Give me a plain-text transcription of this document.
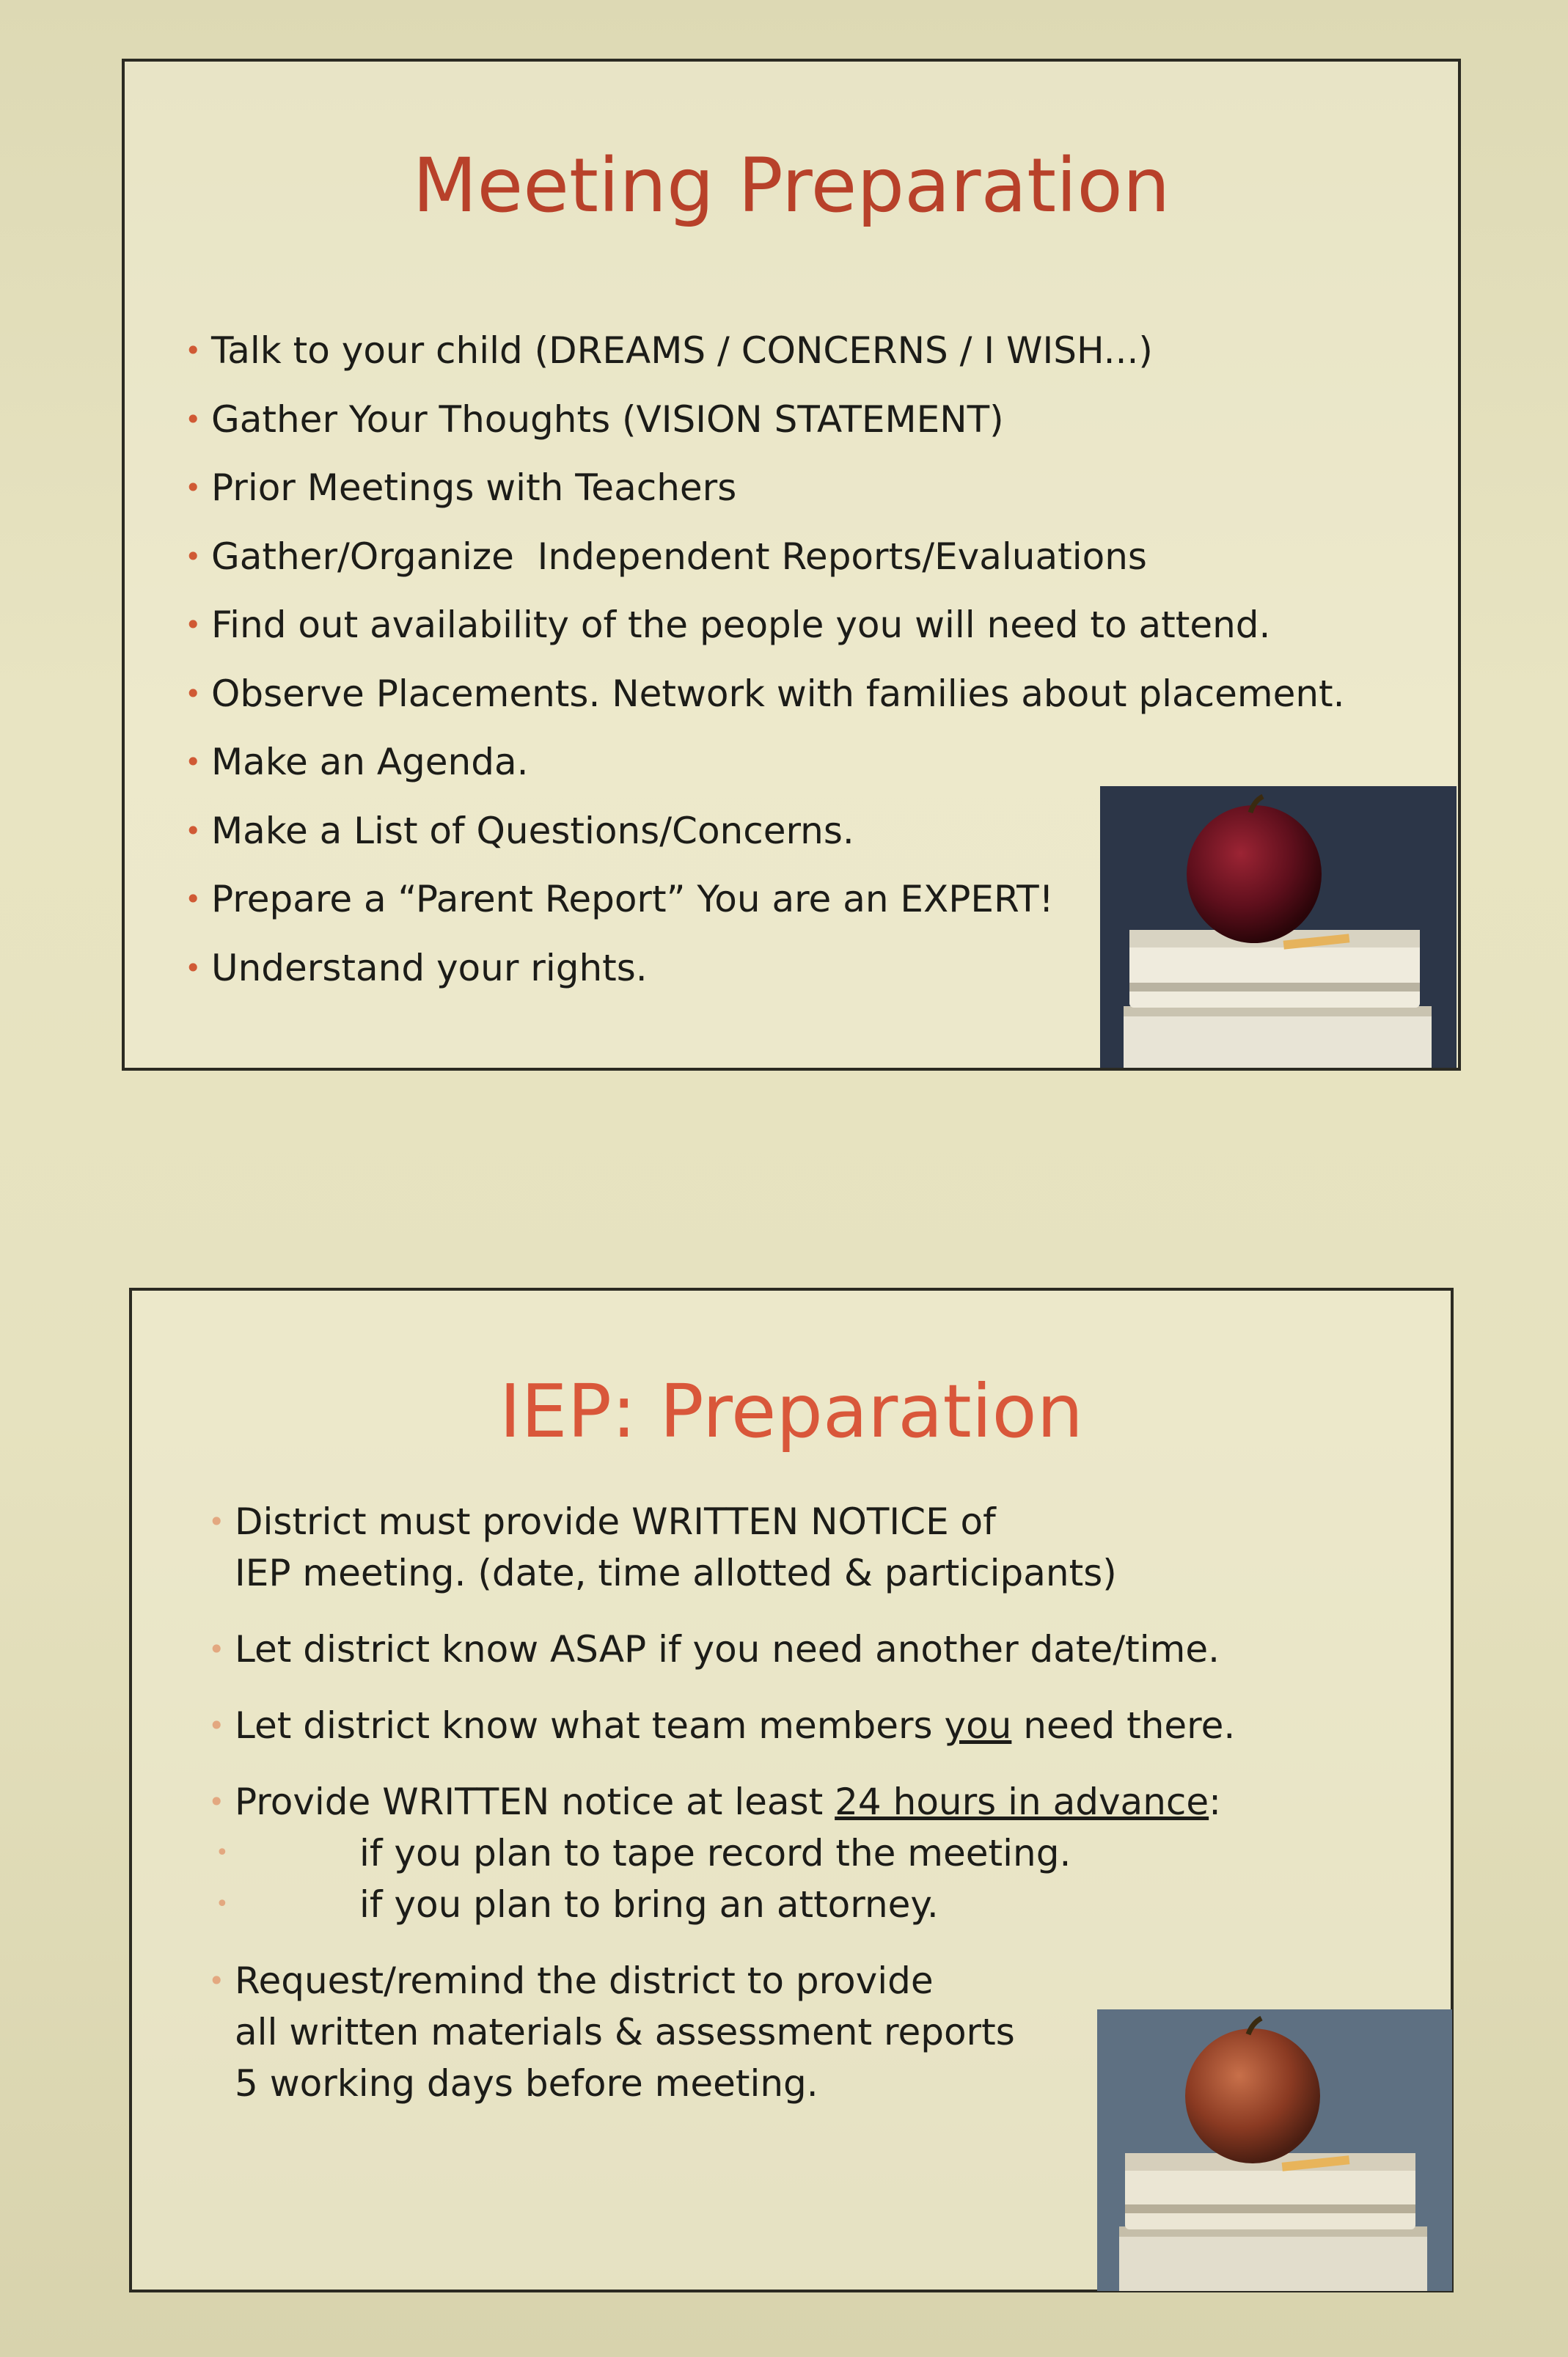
Meeting Preparation
• Talk to your child (DREAMS / CONCERNS / I WISH...)
• Gather Your Thoughts (VISION STATEMENT)
• Prior Meetings with Teachers
• Gather/Organize  Independent Reports/Evaluations
• Find out availability of the people you will need to attend.
• Observe Placements. Network with families about placement.
• Make an Agenda.
• Make a List of Questions/Concerns.
• Prepare a “Parent Report” You are an EXPERT!
• Understand your rights.
IEP: Preparation
• District must provide WRITTEN NOTICE of
IEP meeting. (date, time allotted & participants)
• Let district know ASAP if you need another date/time.
• Let district know what team members you need there.
• Provide WRITTEN notice at least 24 hours in advance:
•	if you plan to tape record the meeting.
•	if you plan to bring an attorney.
• Request/remind the district to provide
all written materials & assessment reports
5 working days before meeting.
